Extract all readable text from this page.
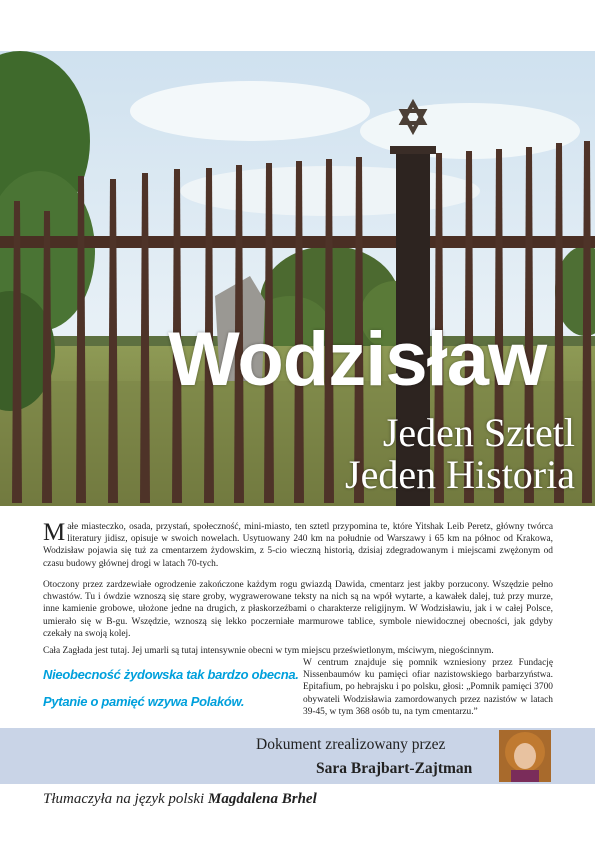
Wodzisław

Jeden Sztetl

Jeden Historia

Małe miasteczko, osada, przystań, społeczność, mini-miasto, ten sztetl przypomina te, które Yitshak Leib Peretz, główny twórca literatury jidisz, opisuje w swoich nowelach. Usytuowany 240 km na południe od Warszawy i 65 km na północ od Krakowa, Wodzisław pojawia się tuż za cmentarzem żydowskim, z 5-cio wieczną historią, dzisiaj zdegradowanym i miejscami zwężonym od czasu budowy głównej drogi w latach 70-tych.

Otoczony przez zardzewiałe ogrodzenie zakończone każdym rogu gwiazdą Dawida, cmentarz jest jakby porzucony. Wszędzie pełno chwastów. Tu i ówdzie wznoszą się stare groby, wygrawerowane teksty na nich są na wpół wytarte, a kawałek dalej, tuż przy murze, inne kamienie grobowe, ułożone jedne na drugich, z płaskorzeźbami o charakterze religijnym. W Wodzisławiu, jak i w całej Polsce, umierało się w B-gu. Wszędzie, wznoszą się lekko poczerniałe marmurowe tablice, symbole niewidocznej obecności, jak gdyby czekały na swoją kolej.

Cała Zagłada jest tutaj. Jej umarli są tutaj intensywnie obecni w tym miejscu prześwietlonym, mściwym, niegościnnym.

Nieobecność żydowska tak bardzo obecna.

Pytanie o pamięć wzywa Polaków.

W centrum znajduje się pomnik wzniesiony przez Fundację Nissenbaumów ku pamięci ofiar nazistowskiego barbarzyństwa. Epitafium, po hebrajsku i po polsku, głosi: „Pomnik pamięci 3700 obywateli Wodzisławia zamordowanych przez nazistów w latach 39-45, w tym 368 osób tu, na tym cmentarzu.”

Dokument zrealizowany przez

Sara Brajbart-Zajtman

Tłumaczyła na język polski Magdalena Brhel
